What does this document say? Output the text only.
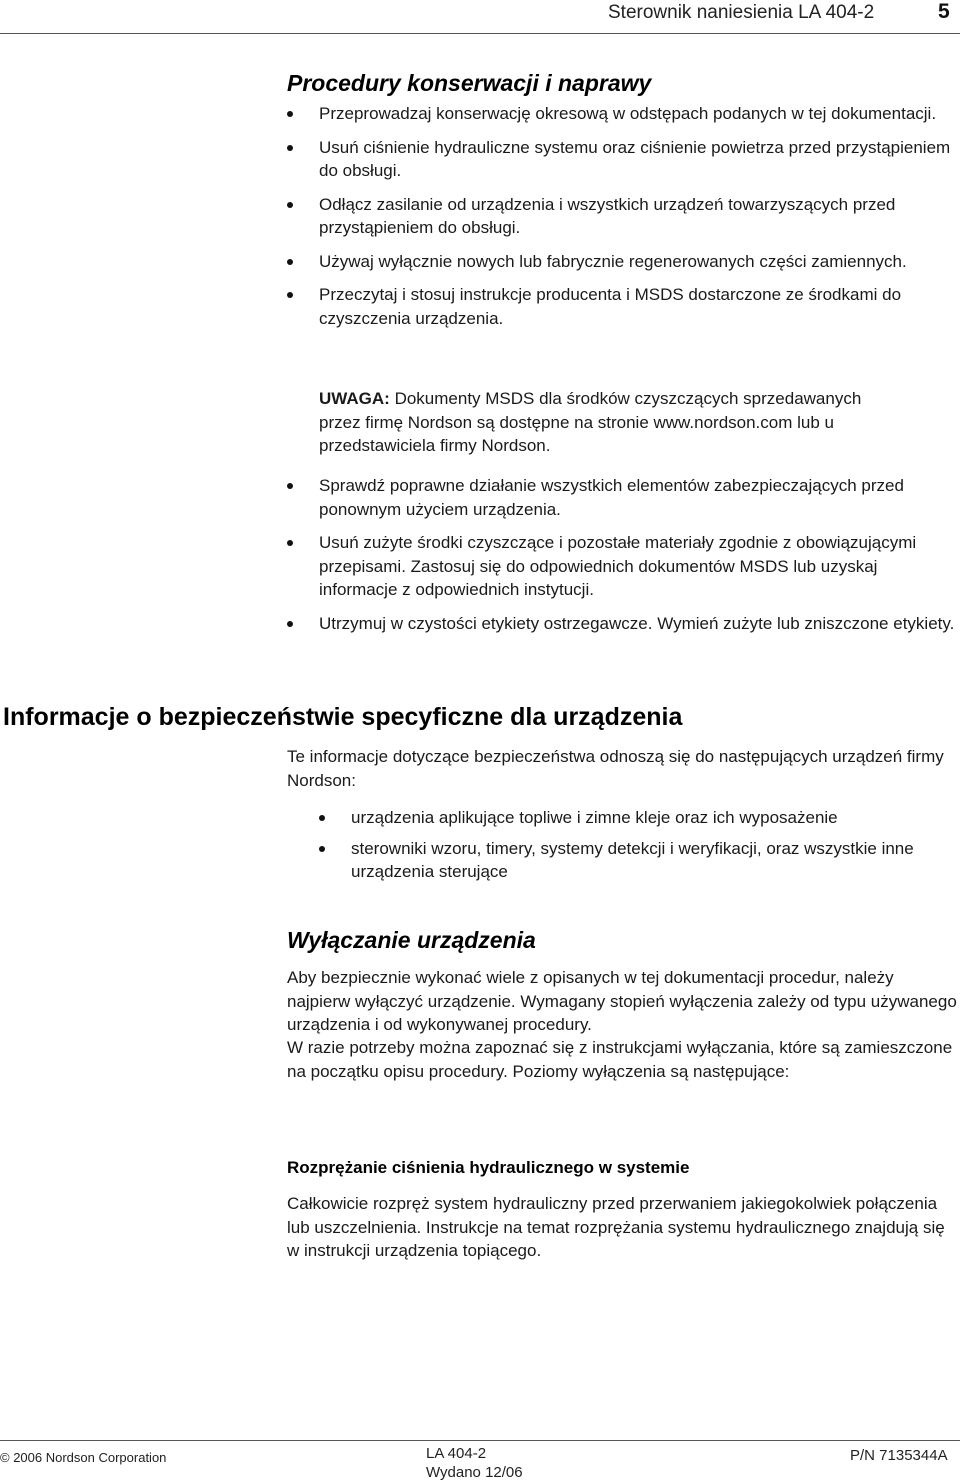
Sterownik naniesienia LA 404-2	5
Procedury konserwacji i naprawy
Przeprowadzaj konserwację okresową w odstępach podanych w tej dokumentacji.
Usuń ciśnienie hydrauliczne systemu oraz ciśnienie powietrza przed przystąpieniem do obsługi.
Odłącz zasilanie od urządzenia i wszystkich urządzeń towarzyszących przed przystąpieniem do obsługi.
Używaj wyłącznie nowych lub fabrycznie regenerowanych części zamiennych.
Przeczytaj i stosuj instrukcje producenta i MSDS dostarczone ze środkami do czyszczenia urządzenia.
UWAGA: Dokumenty MSDS dla środków czyszczących sprzedawanych przez firmę Nordson są dostępne na stronie www.nordson.com lub u przedstawiciela firmy Nordson.
Sprawdź poprawne działanie wszystkich elementów zabezpieczających przed ponownym użyciem urządzenia.
Usuń zużyte środki czyszczące i pozostałe materiały zgodnie z obowiązującymi przepisami. Zastosuj się do odpowiednich dokumentów MSDS lub uzyskaj informacje z odpowiednich instytucji.
Utrzymuj w czystości etykiety ostrzegawcze. Wymień zużyte lub zniszczone etykiety.
Informacje o bezpieczeństwie specyficzne dla urządzenia
Te informacje dotyczące bezpieczeństwa odnoszą się do następujących urządzeń firmy Nordson:
urządzenia aplikujące topliwe i zimne kleje oraz ich wyposażenie
sterowniki wzoru, timery, systemy detekcji i weryfikacji, oraz wszystkie inne urządzenia sterujące
Wyłączanie urządzenia
Aby bezpiecznie wykonać wiele z opisanych w tej dokumentacji procedur, należy najpierw wyłączyć urządzenie. Wymagany stopień wyłączenia zależy od typu używanego urządzenia i od wykonywanej procedury.
W razie potrzeby można zapoznać się z instrukcjami wyłączania, które są zamieszczone na początku opisu procedury. Poziomy wyłączenia są następujące:
Rozprężanie ciśnienia hydraulicznego w systemie
Całkowicie rozpręż system hydrauliczny przed przerwaniem jakiegokolwiek połączenia lub uszczelnienia. Instrukcje na temat rozprężania systemu hydraulicznego znajdują się w instrukcji urządzenia topiącego.
© 2006 Nordson Corporation	LA 404-2
Wydano 12/06
P/N 7135344A
